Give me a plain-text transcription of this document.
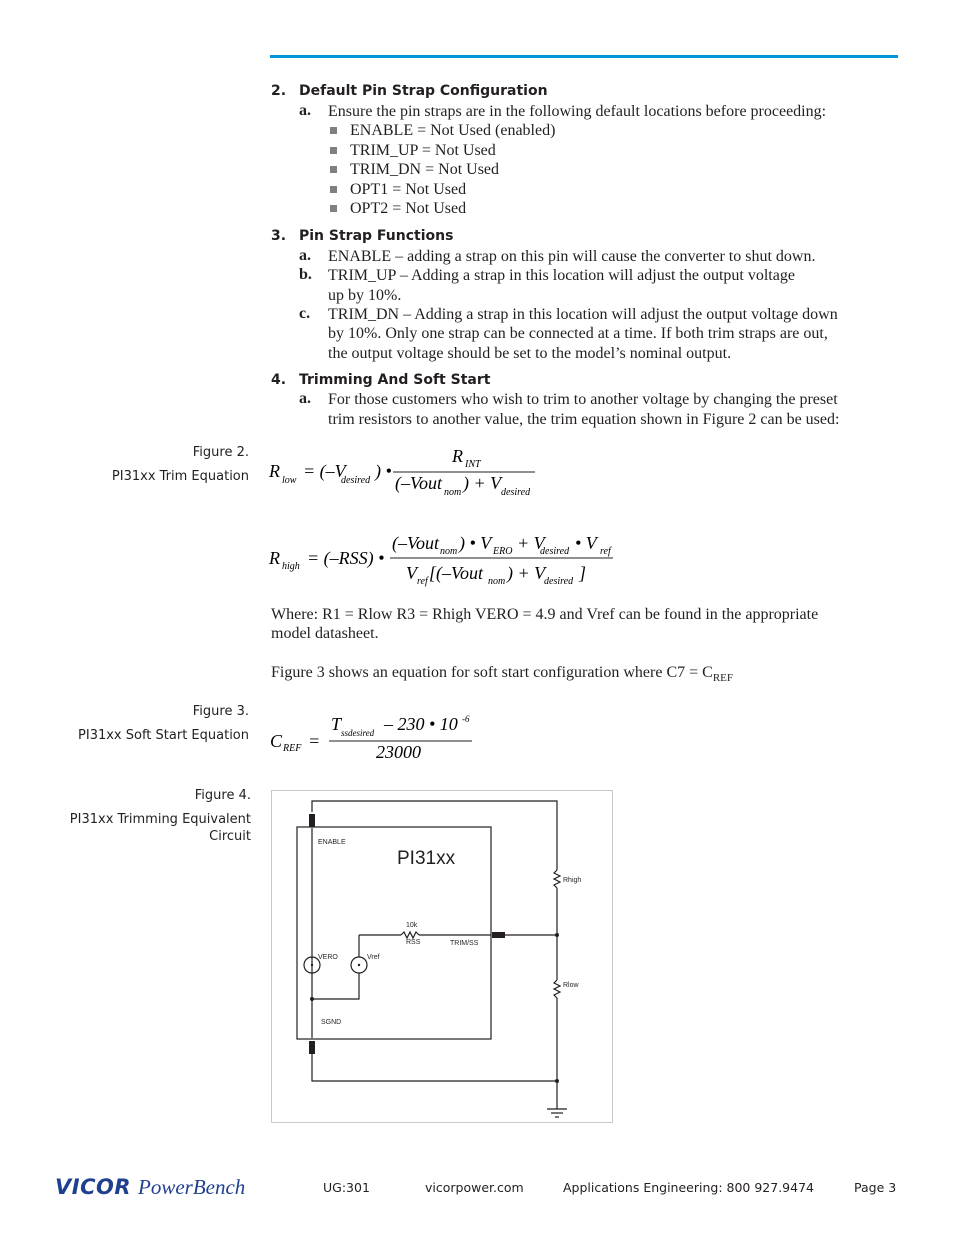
2. Default Pin Strap Configuration
a. Ensure the pin straps are in the following default locations before proceeding:
ENABLE = Not Used (enabled)
TRIM_UP = Not Used
TRIM_DN = Not Used
OPT1 = Not Used
OPT2 = Not Used
3. Pin Strap Functions
a. ENABLE – adding a strap on this pin will cause the converter to shut down.
b. TRIM_UP – Adding a strap in this location will adjust the output voltage
up by 10%.
c. TRIM_DN – Adding a strap in this location will adjust the output voltage down
by 10%. Only one strap can be connected at a time. If both trim straps are out,
the output voltage should be set to the model’s nominal output.
4. Trimming And Soft Start
a. For those customers who wish to trim to another voltage by changing the preset
trim resistors to another value, the trim equation shown in Figure 2 can be used:
Figure 2.
PI31xx Trim Equation R low = (–V
desired ) •
R INT
(–Vout nom ) + V desired
R high = (–RSS) •
(–Vout nom ) • V ERO + V
desired • V ref
V ref [(–Vout nom ) + V
desired ]
Where: R1 = Rlow R3 = Rhigh VERO = 4.9 and Vref can be found in the appropriate
model datasheet.
Figure 3 shows an equation for soft start configuration where $C7 = C_{REF}$
Figure 3.
PI31xx Soft Start Equation C REF =
T ssdesired – 230 • 10 -6
23000
Figure 4.
PI31xx Trimming Equivalent
Circuit
PI31xx
ENABLE
VERO	Vref
SGND
10k
RSS	TRIM/SS
Rhigh
Rlow
VICOR PowerBench	UG:301	vicorpower.com	Applications Engineering: 800 927.9474	Page 3
